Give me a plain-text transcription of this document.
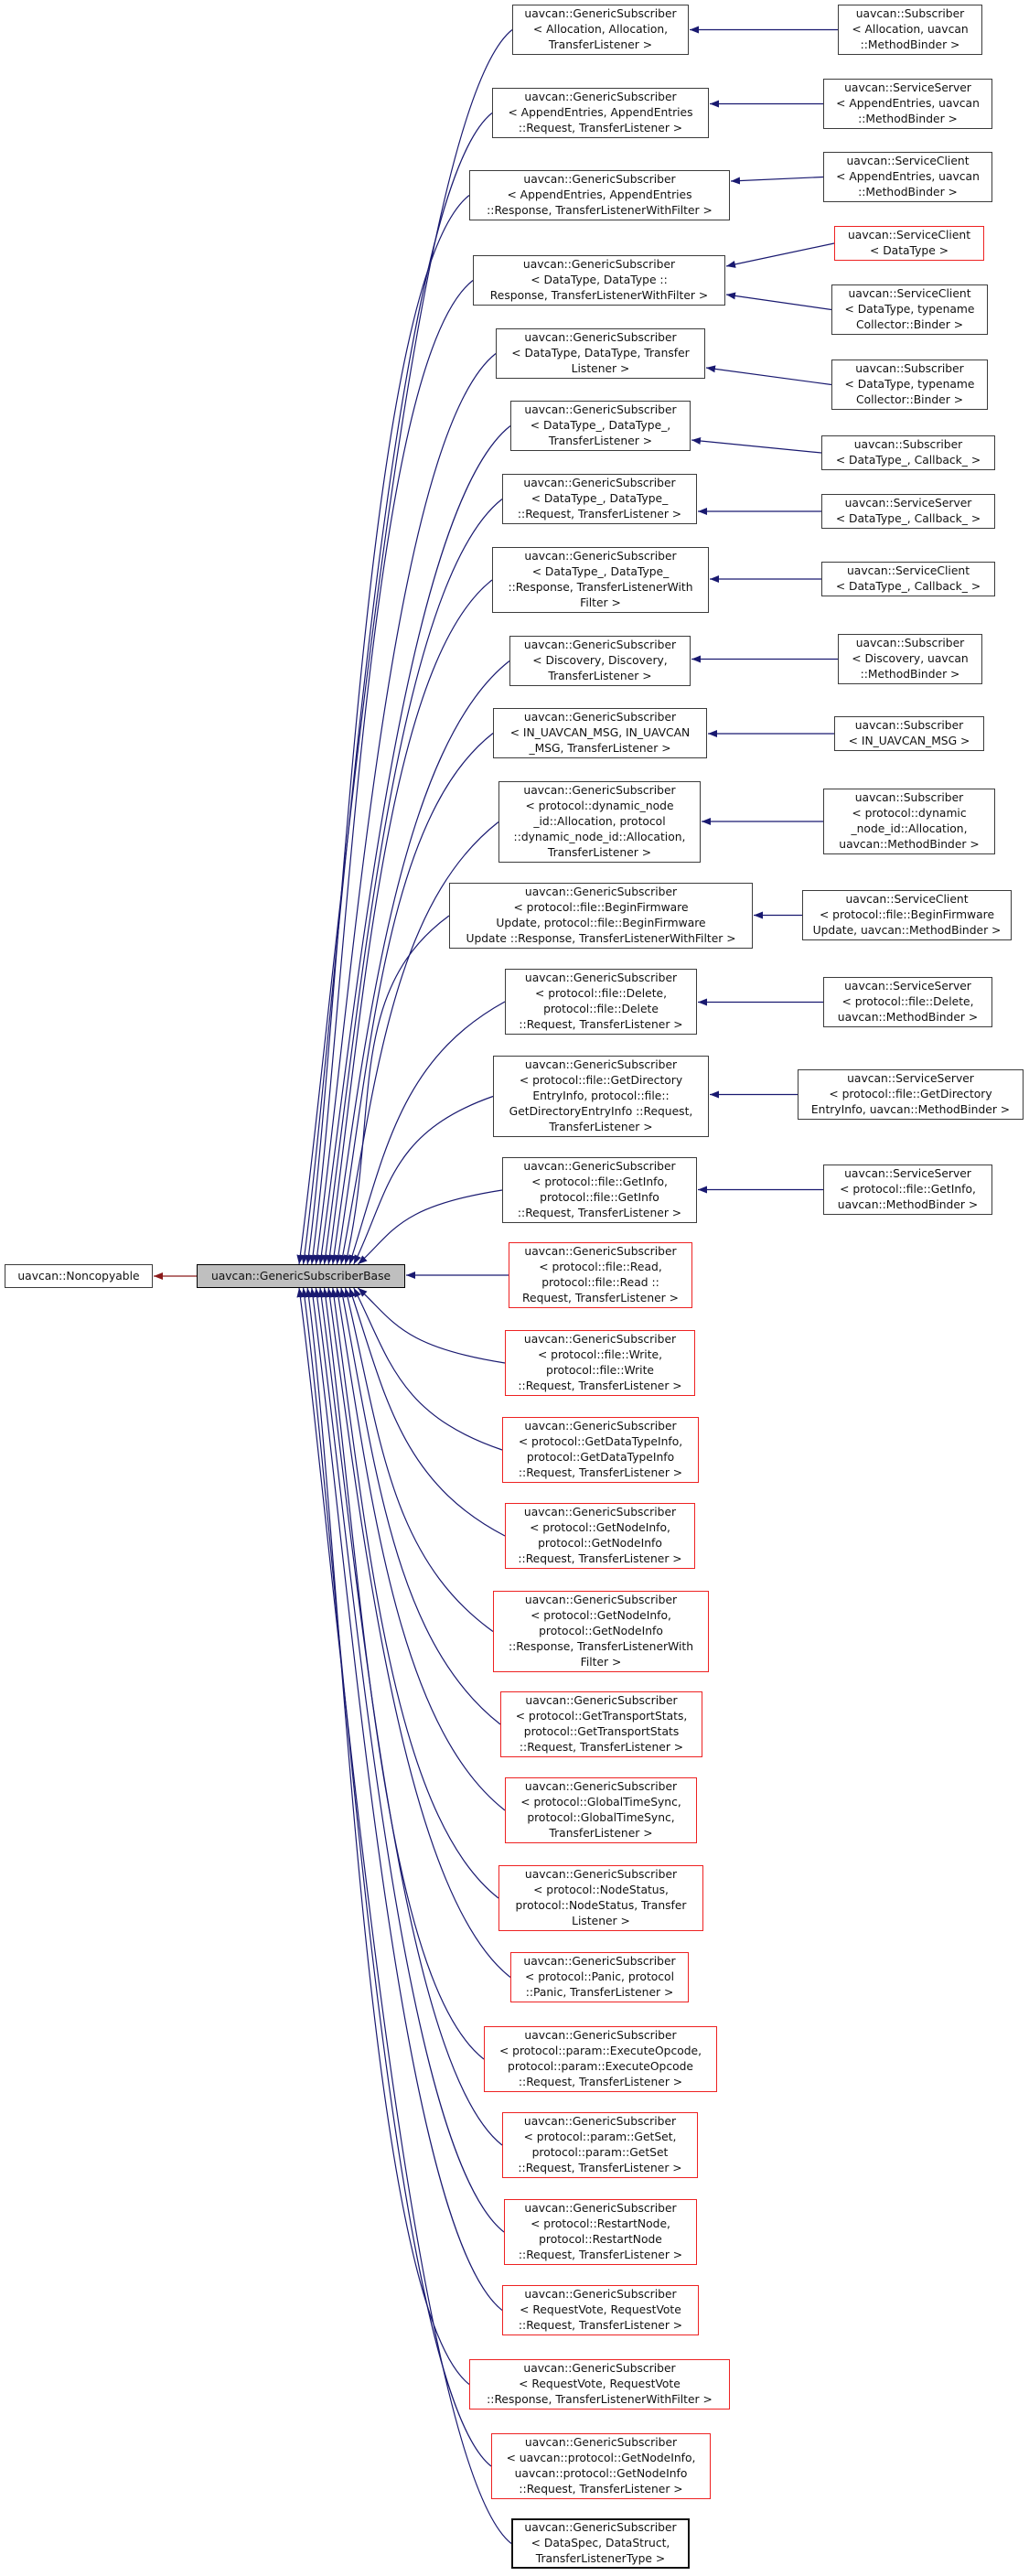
uavcan::Noncopyable	uavcan::GenericSubscriberBase
uavcan::GenericSubscriber
< Allocation, Allocation,
TransferListener >
uavcan::GenericSubscriber
< AppendEntries, AppendEntries
::Request, TransferListener >
uavcan::GenericSubscriber
< AppendEntries, AppendEntries
::Response, TransferListenerWithFilter >
uavcan::GenericSubscriber
< DataType, DataType ::
Response, TransferListenerWithFilter >
uavcan::GenericSubscriber
< DataType, DataType, Transfer
Listener >
uavcan::GenericSubscriber
< DataType_, DataType_,
TransferListener >
uavcan::GenericSubscriber
< DataType_, DataType_
::Request, TransferListener >
uavcan::GenericSubscriber
< DataType_, DataType_
::Response, TransferListenerWith
Filter >
uavcan::GenericSubscriber
< Discovery, Discovery,
TransferListener >
uavcan::GenericSubscriber
< IN_UAVCAN_MSG, IN_UAVCAN
_MSG, TransferListener >
uavcan::GenericSubscriber
< protocol::dynamic_node
_id::Allocation, protocol
::dynamic_node_id::Allocation,
TransferListener >
uavcan::GenericSubscriber
< protocol::file::BeginFirmware
Update, protocol::file::BeginFirmware
Update ::Response, TransferListenerWithFilter >
uavcan::GenericSubscriber
< protocol::file::Delete,
protocol::file::Delete
::Request, TransferListener >
uavcan::GenericSubscriber
< protocol::file::GetDirectory
EntryInfo, protocol::file::
GetDirectoryEntryInfo ::Request,
TransferListener >
uavcan::GenericSubscriber
< protocol::file::GetInfo,
protocol::file::GetInfo
::Request, TransferListener >
uavcan::GenericSubscriber
< protocol::file::Read,
protocol::file::Read ::
Request, TransferListener >
uavcan::GenericSubscriber
< protocol::file::Write,
protocol::file::Write
::Request, TransferListener >
uavcan::GenericSubscriber
< protocol::GetDataTypeInfo,
protocol::GetDataTypeInfo
::Request, TransferListener >
uavcan::GenericSubscriber
< protocol::GetNodeInfo,
protocol::GetNodeInfo
::Request, TransferListener >
uavcan::GenericSubscriber
< protocol::GetNodeInfo,
protocol::GetNodeInfo
::Response, TransferListenerWith
Filter >
uavcan::GenericSubscriber
< protocol::GetTransportStats,
protocol::GetTransportStats
::Request, TransferListener >
uavcan::GenericSubscriber
< protocol::GlobalTimeSync,
protocol::GlobalTimeSync,
TransferListener >
uavcan::GenericSubscriber
< protocol::NodeStatus,
protocol::NodeStatus, Transfer
Listener >
uavcan::GenericSubscriber
< protocol::Panic, protocol
::Panic, TransferListener >
uavcan::GenericSubscriber
< protocol::param::ExecuteOpcode,
protocol::param::ExecuteOpcode
::Request, TransferListener >
uavcan::GenericSubscriber
< protocol::param::GetSet,
protocol::param::GetSet
::Request, TransferListener >
uavcan::GenericSubscriber
< protocol::RestartNode,
protocol::RestartNode
::Request, TransferListener >
uavcan::GenericSubscriber
< RequestVote, RequestVote
::Request, TransferListener >
uavcan::GenericSubscriber
< RequestVote, RequestVote
::Response, TransferListenerWithFilter >
uavcan::GenericSubscriber
< uavcan::protocol::GetNodeInfo,
uavcan::protocol::GetNodeInfo
::Request, TransferListener >
uavcan::GenericSubscriber
< DataSpec, DataStruct,
TransferListenerType >
uavcan::Subscriber
< Allocation, uavcan
::MethodBinder >
uavcan::ServiceServer
< AppendEntries, uavcan
::MethodBinder >
uavcan::ServiceClient
< AppendEntries, uavcan
::MethodBinder >
uavcan::ServiceClient
< DataType >
uavcan::ServiceClient
< DataType, typename
Collector::Binder >
uavcan::Subscriber
< DataType, typename
Collector::Binder >
uavcan::Subscriber
< DataType_, Callback_ >
uavcan::ServiceServer
< DataType_, Callback_ >
uavcan::ServiceClient
< DataType_, Callback_ >
uavcan::Subscriber
< Discovery, uavcan
::MethodBinder >
uavcan::Subscriber
< IN_UAVCAN_MSG >
uavcan::Subscriber
< protocol::dynamic
_node_id::Allocation,
uavcan::MethodBinder >
uavcan::ServiceClient
< protocol::file::BeginFirmware
Update, uavcan::MethodBinder >
uavcan::ServiceServer
< protocol::file::Delete,
uavcan::MethodBinder >
uavcan::ServiceServer
< protocol::file::GetDirectory
EntryInfo, uavcan::MethodBinder >
uavcan::ServiceServer
< protocol::file::GetInfo,
uavcan::MethodBinder >
